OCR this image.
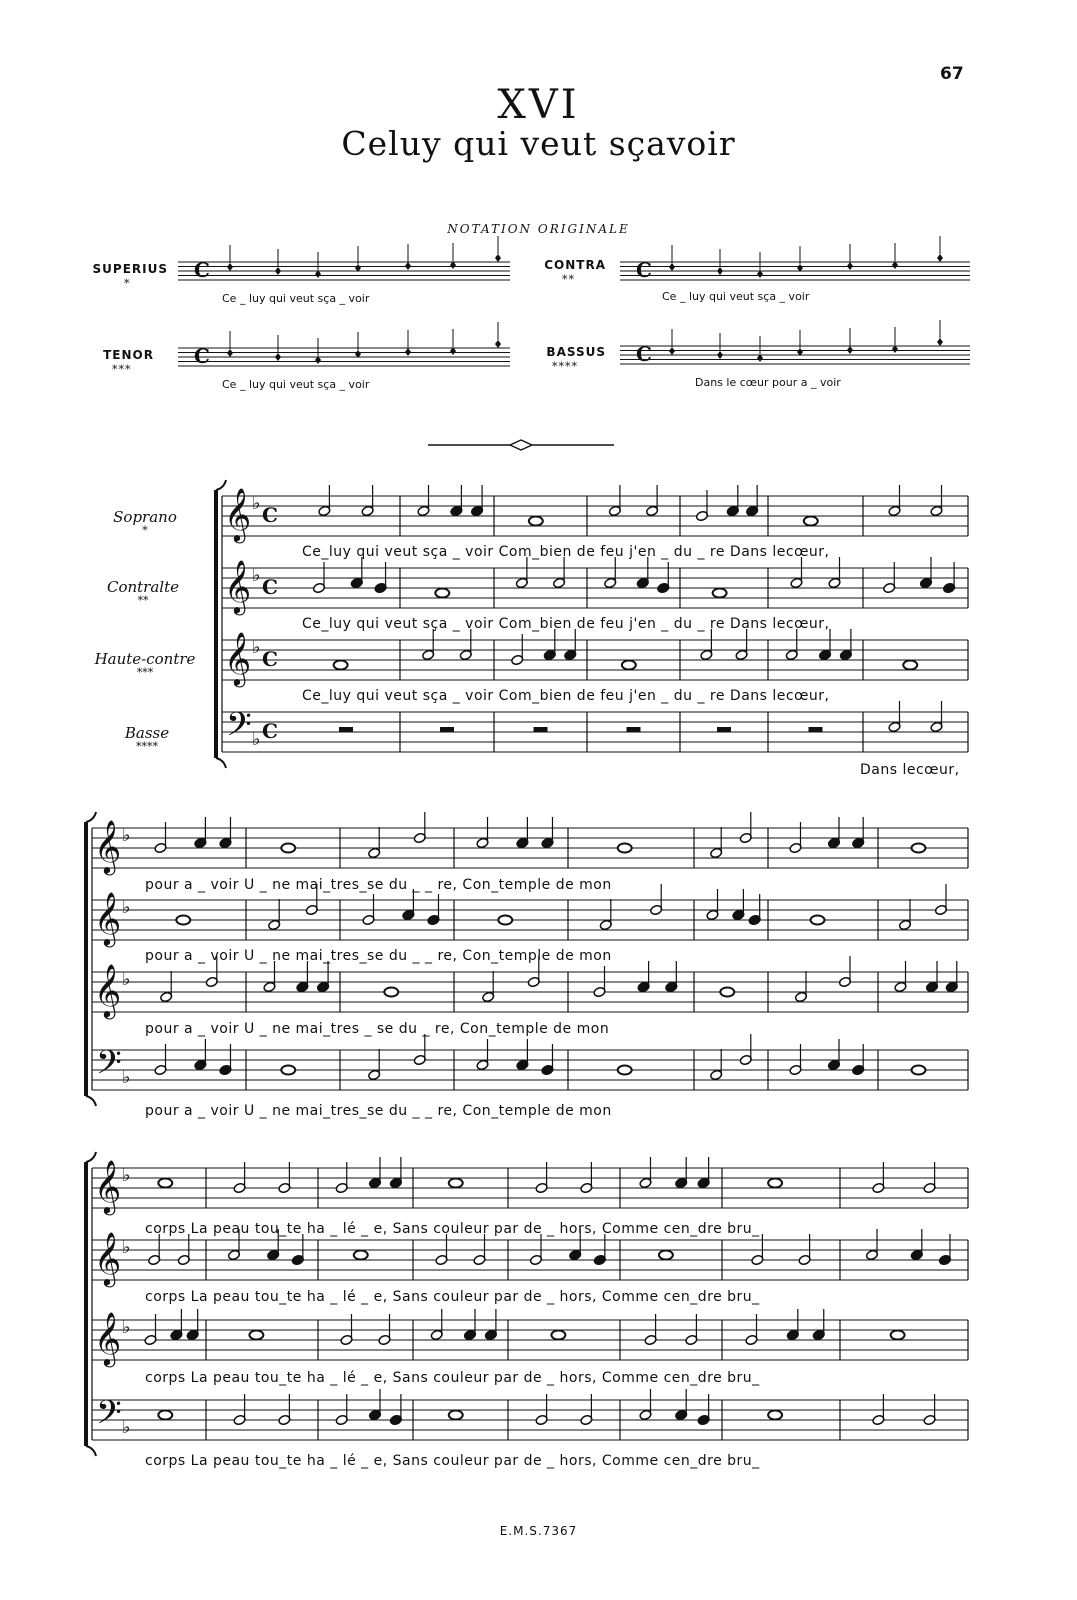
67
XVI
Celuy qui veut sçavoir
NOTATION ORIGINALE
SUPERIUS
*
CONTRA
**
TENOR
***
BASSUS
****
Ce _ luy qui veut sça _ voir	Ce _ luy qui veut sça _ voir
Ce _ luy qui veut sça _ voir	Dans le cœur pour a _ voir
Soprano
*
Contralte
**
Haute-contre
***
Basse
****
Ce_luy qui veut sça _ voir Com_bien de feu j'en _ du _ re Dans lecœur,
Ce_luy qui veut sça _ voir Com_bien de feu j'en _ du _ re Dans lecœur,
Ce_luy qui veut sça _ voir Com_bien de feu j'en _ du _ re Dans lecœur,
Dans lecœur,
pour a _ voir U _ ne mai_tres_se du _ _ re, Con_temple de mon
pour a _ voir U _ ne mai_tres_se du _ _ re, Con_temple de mon
pour a _ voir U _ ne mai_tres _ se du _ re, Con_temple de mon
pour a _ voir U _ ne mai_tres_se du _ _ re, Con_temple de mon
corps La peau tou_te ha _ lé _ e, Sans couleur par de _ hors, Comme cen_dre bru_
corps La peau tou_te ha _ lé _ e, Sans couleur par de _ hors, Comme cen_dre bru_
corps La peau tou_te ha _ lé _ e, Sans couleur par de _ hors, Comme cen_dre bru_
corps La peau tou_te ha _ lé _ e, Sans couleur par de _ hors, Comme cen_dre bru_
E.M.S.7367
C	C
C	C
𝄞 ♭ C
𝄞 ♭ C
𝄞 ♭ C
𝄢 ♭ C
𝄞 ♭
𝄞 ♭
𝄞 ♭
𝄢 ♭
𝄞 ♭
𝄞 ♭
𝄞 ♭
𝄢 ♭
